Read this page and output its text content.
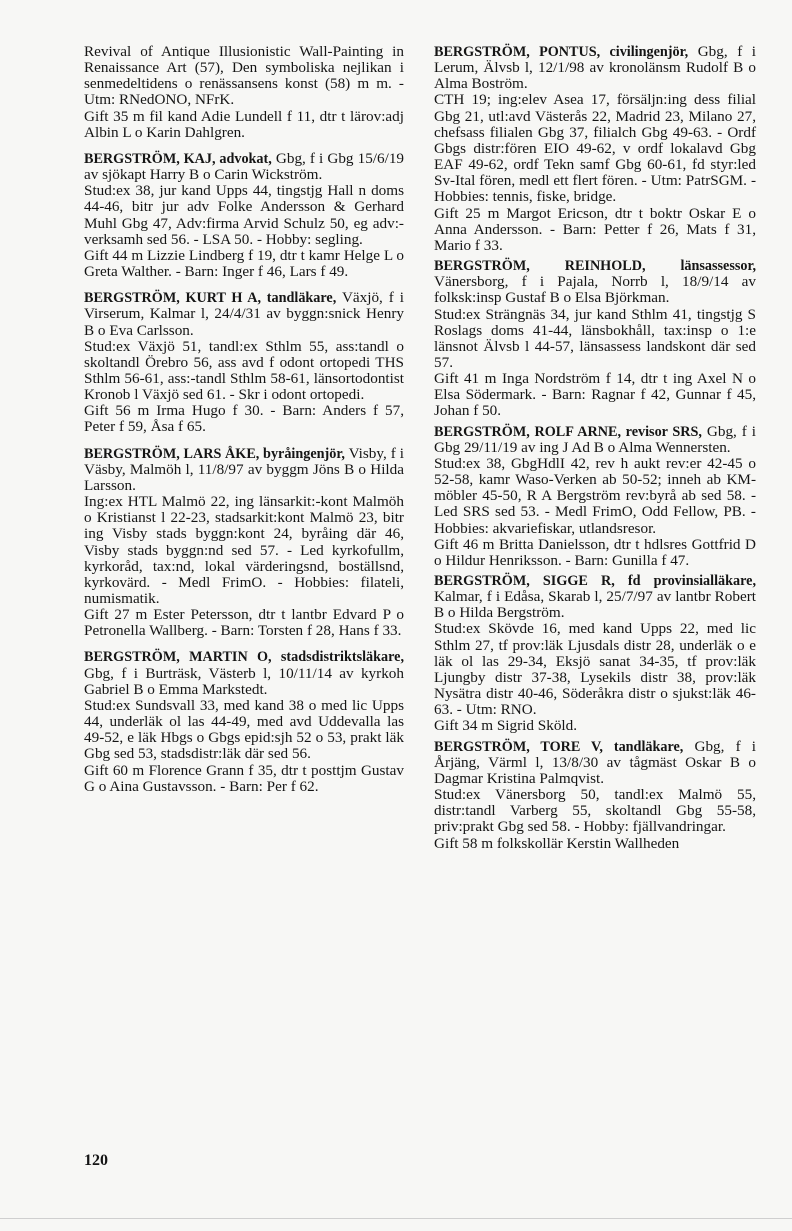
Revival of Antique Illusionistic Wall-Painting in Renaissance Art (57), Den symboliska nejlikan i senmedeltidens o renässansens konst (58) m m. - Utm: RNedONO, NFrK.

Gift 35 m fil kand Adie Lundell f 11, dtr t lärov:adj Albin L o Karin Dahlgren.

BERGSTRÖM, KAJ, advokat, Gbg, f i Gbg 15/6/19 av sjökapt Harry B o Carin Wickström.

Stud:ex 38, jur kand Upps 44, tingstjg Hall n doms 44-46, bitr jur adv Folke Andersson & Gerhard Muhl Gbg 47, Adv:firma Arvid Schulz 50, eg adv:-verksamh sed 56. - LSA 50. - Hobby: segling.

Gift 44 m Lizzie Lindberg f 19, dtr t kamr Helge L o Greta Walther. - Barn: Inger f 46, Lars f 49.

BERGSTRÖM, KURT H A, tandläkare, Växjö, f i Virserum, Kalmar l, 24/4/31 av byggn:snick Henry B o Eva Carlsson.

Stud:ex Växjö 51, tandl:ex Sthlm 55, ass:tandl o skoltandl Örebro 56, ass avd f odont ortopedi THS Sthlm 56-61, ass:-tandl Sthlm 58-61, länsortodontist Kronob l Växjö sed 61. - Skr i odont ortopedi.

Gift 56 m Irma Hugo f 30. - Barn: Anders f 57, Peter f 59, Åsa f 65.

BERGSTRÖM, LARS ÅKE, byråingenjör, Visby, f i Väsby, Malmöh l, 11/8/97 av byggm Jöns B o Hilda Larsson.

Ing:ex HTL Malmö 22, ing länsarkit:-kont Malmöh o Kristianst l 22-23, stadsarkit:kont Malmö 23, bitr ing Visby stads byggn:kont 24, byråing där 46, Visby stads byggn:nd sed 57. - Led kyrkofullm, kyrkoråd, tax:nd, lokal värderingsnd, boställsnd, kyrkovärd. - Medl FrimO. - Hobbies: filateli, numismatik.

Gift 27 m Ester Petersson, dtr t lantbr Edvard P o Petronella Wallberg. - Barn: Torsten f 28, Hans f 33.

BERGSTRÖM, MARTIN O, stadsdistriktsläkare, Gbg, f i Burträsk, Västerb l, 10/11/14 av kyrkoh Gabriel B o Emma Markstedt.

Stud:ex Sundsvall 33, med kand 38 o med lic Upps 44, underläk ol las 44-49, med avd Uddevalla las 49-52, e läk Hbgs o Gbgs epid:sjh 52 o 53, prakt läk Gbg sed 53, stadsdistr:läk där sed 56.

Gift 60 m Florence Grann f 35, dtr t posttjm Gustav G o Aina Gustavsson. - Barn: Per f 62.

BERGSTRÖM, PONTUS, civilingenjör, Gbg, f i Lerum, Älvsb l, 12/1/98 av kronolänsm Rudolf B o Alma Boström.

CTH 19; ing:elev Asea 17, försäljn:ing dess filial Gbg 21, utl:avd Västerås 22, Madrid 23, Milano 27, chefsass filialen Gbg 37, filialch Gbg 49-63. - Ordf Gbgs distr:fören EIO 49-62, v ordf lokalavd Gbg EAF 49-62, ordf Tekn samf Gbg 60-61, fd styr:led Sv-Ital fören, medl ett flert fören. - Utm: PatrSGM. - Hobbies: tennis, fiske, bridge.

Gift 25 m Margot Ericson, dtr t boktr Oskar E o Anna Andersson. - Barn: Petter f 26, Mats f 31, Mario f 33.

BERGSTRÖM, REINHOLD, länsassessor, Vänersborg, f i Pajala, Norrb l, 18/9/14 av folksk:insp Gustaf B o Elsa Björkman.

Stud:ex Strängnäs 34, jur kand Sthlm 41, tingstjg S Roslags doms 41-44, länsbokhåll, tax:insp o 1:e länsnot Älvsb l 44-57, länsassess landskont där sed 57.

Gift 41 m Inga Nordström f 14, dtr t ing Axel N o Elsa Södermark. - Barn: Ragnar f 42, Gunnar f 45, Johan f 50.

BERGSTRÖM, ROLF ARNE, revisor SRS, Gbg, f i Gbg 29/11/19 av ing J Ad B o Alma Wennersten.

Stud:ex 38, GbgHdlI 42, rev h aukt rev:er 42-45 o 52-58, kamr Waso-Verken ab 50-52; inneh ab KM-möbler 45-50, R A Bergström rev:byrå ab sed 58. - Led SRS sed 53. - Medl FrimO, Odd Fellow, PB. - Hobbies: akvariefiskar, utlandsresor.

Gift 46 m Britta Danielsson, dtr t hdlsres Gottfrid D o Hildur Henriksson. - Barn: Gunilla f 47.

BERGSTRÖM, SIGGE R, fd provinsialläkare, Kalmar, f i Edåsa, Skarab l, 25/7/97 av lantbr Robert B o Hilda Bergström.

Stud:ex Skövde 16, med kand Upps 22, med lic Sthlm 27, tf prov:läk Ljusdals distr 28, underläk o e läk ol las 29-34, Eksjö sanat 34-35, tf prov:läk Ljungby distr 37-38, Lysekils distr 38, prov:läk Nysätra distr 40-46, Söderåkra distr o sjukst:läk 46-63. - Utm: RNO.

Gift 34 m Sigrid Sköld.

BERGSTRÖM, TORE V, tandläkare, Gbg, f i Årjäng, Värml l, 13/8/30 av tågmäst Oskar B o Dagmar Kristina Palmqvist.

Stud:ex Vänersborg 50, tandl:ex Malmö 55, distr:tandl Varberg 55, skoltandl Gbg 55-58, priv:prakt Gbg sed 58. - Hobby: fjällvandringar.

Gift 58 m folkskollär Kerstin Wallheden

120
